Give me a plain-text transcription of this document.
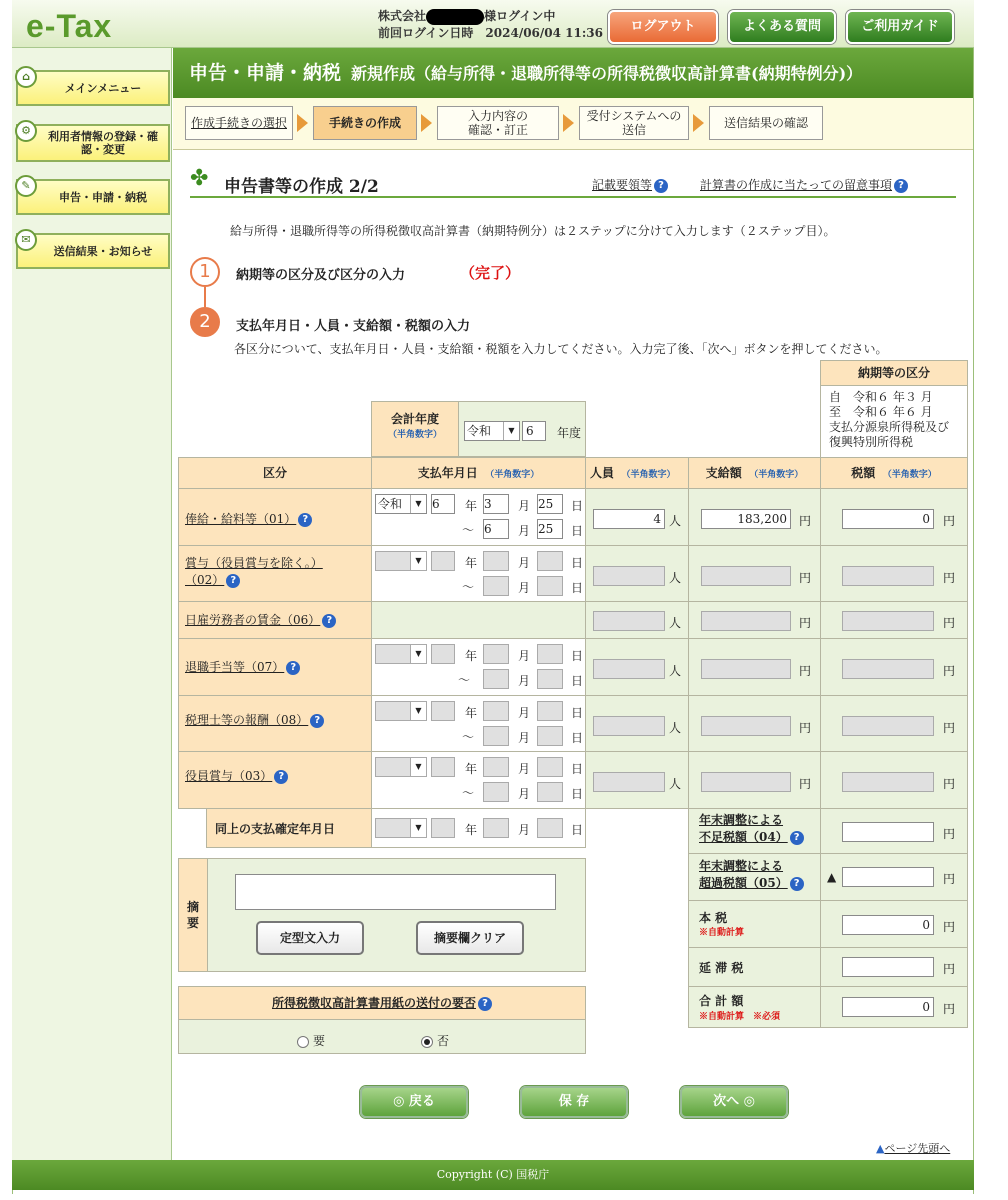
e-Tax	株式会社	様ログイン中
前回ログイン日時　 2024/06/04 11:36	ログアウト	よくある質問	ご利用ガイド
⌂
メインメニュー
⚙	利用者情報の登録・確認・変更
✎
申告・申請・納税
✉
送信結果・お知らせ
申告・申請・納税 新規作成（給与所得・退職所得等の所得税徴収高計算書(納期特例分)）
作成手続きの選択	手続きの作成	入力内容の
確認・訂正
受付システムへの
送信	送信結果の確認
✤ 申告書等の作成 2/2	記載要領等 ?	計算書の作成に当たっての留意事項 ?
給与所得・退職所得等の所得税徴収高計算書（納期特例分）は２ステップに分けて入力します（２ステップ目）。
1
2
納期等の区分及び区分の入力	（完了）
支払年月日・人員・支給額・税額の入力
各区分について、支払年月日・人員・支給額・税額を入力してください。入力完了後、「次へ」ボタンを押してください。
納期等の区分
自　 令和６ 年３ 月
至　 令和６ 年６ 月
支払分源泉所得税及び復興特別所得税
会計年度
（半角数字）	令和	▼ 6	年度
区分	支払年月日　 （半角数字）	人員　 （半角数字）	支給額　 （半角数字）	税額　 （半角数字）
俸給・給料等（01） ?
令和	▼ 6	年 3	月 25	日
～ 6	月 25	日
4 人	183,200	円	0	円
賞与（役員賞与を除く。）
（02） ?
▼	年	月	日
～	月	日
人	円	円
日雇労務者の賃金（06） ?	人	円	円
退職手当等（07） ?
▼	年	月	日
～	月	日
人	円	円
税理士等の報酬（08） ?
▼	年	月	日
～	月	日
人	円	円
役員賞与（03） ?
▼	年	月	日
～	月	日
人	円	円
同上の支払確定年月日	▼	年	月	日
年末調整による
不足税額（04） ?	円
年末調整による
超過税額（05） ?	▲	円
本 税
※自動計算
0	円
延 滞 税	円
合 計 額
※自動計算　 ※必須
0	円
摘要
定型文入力	摘要欄クリア
所得税徴収高計算書用紙の送付の要否 ?
要	否
◎ 戻る	保 存	次へ ◎
▲ページ先頭へ
Copyright (C) 国税庁
